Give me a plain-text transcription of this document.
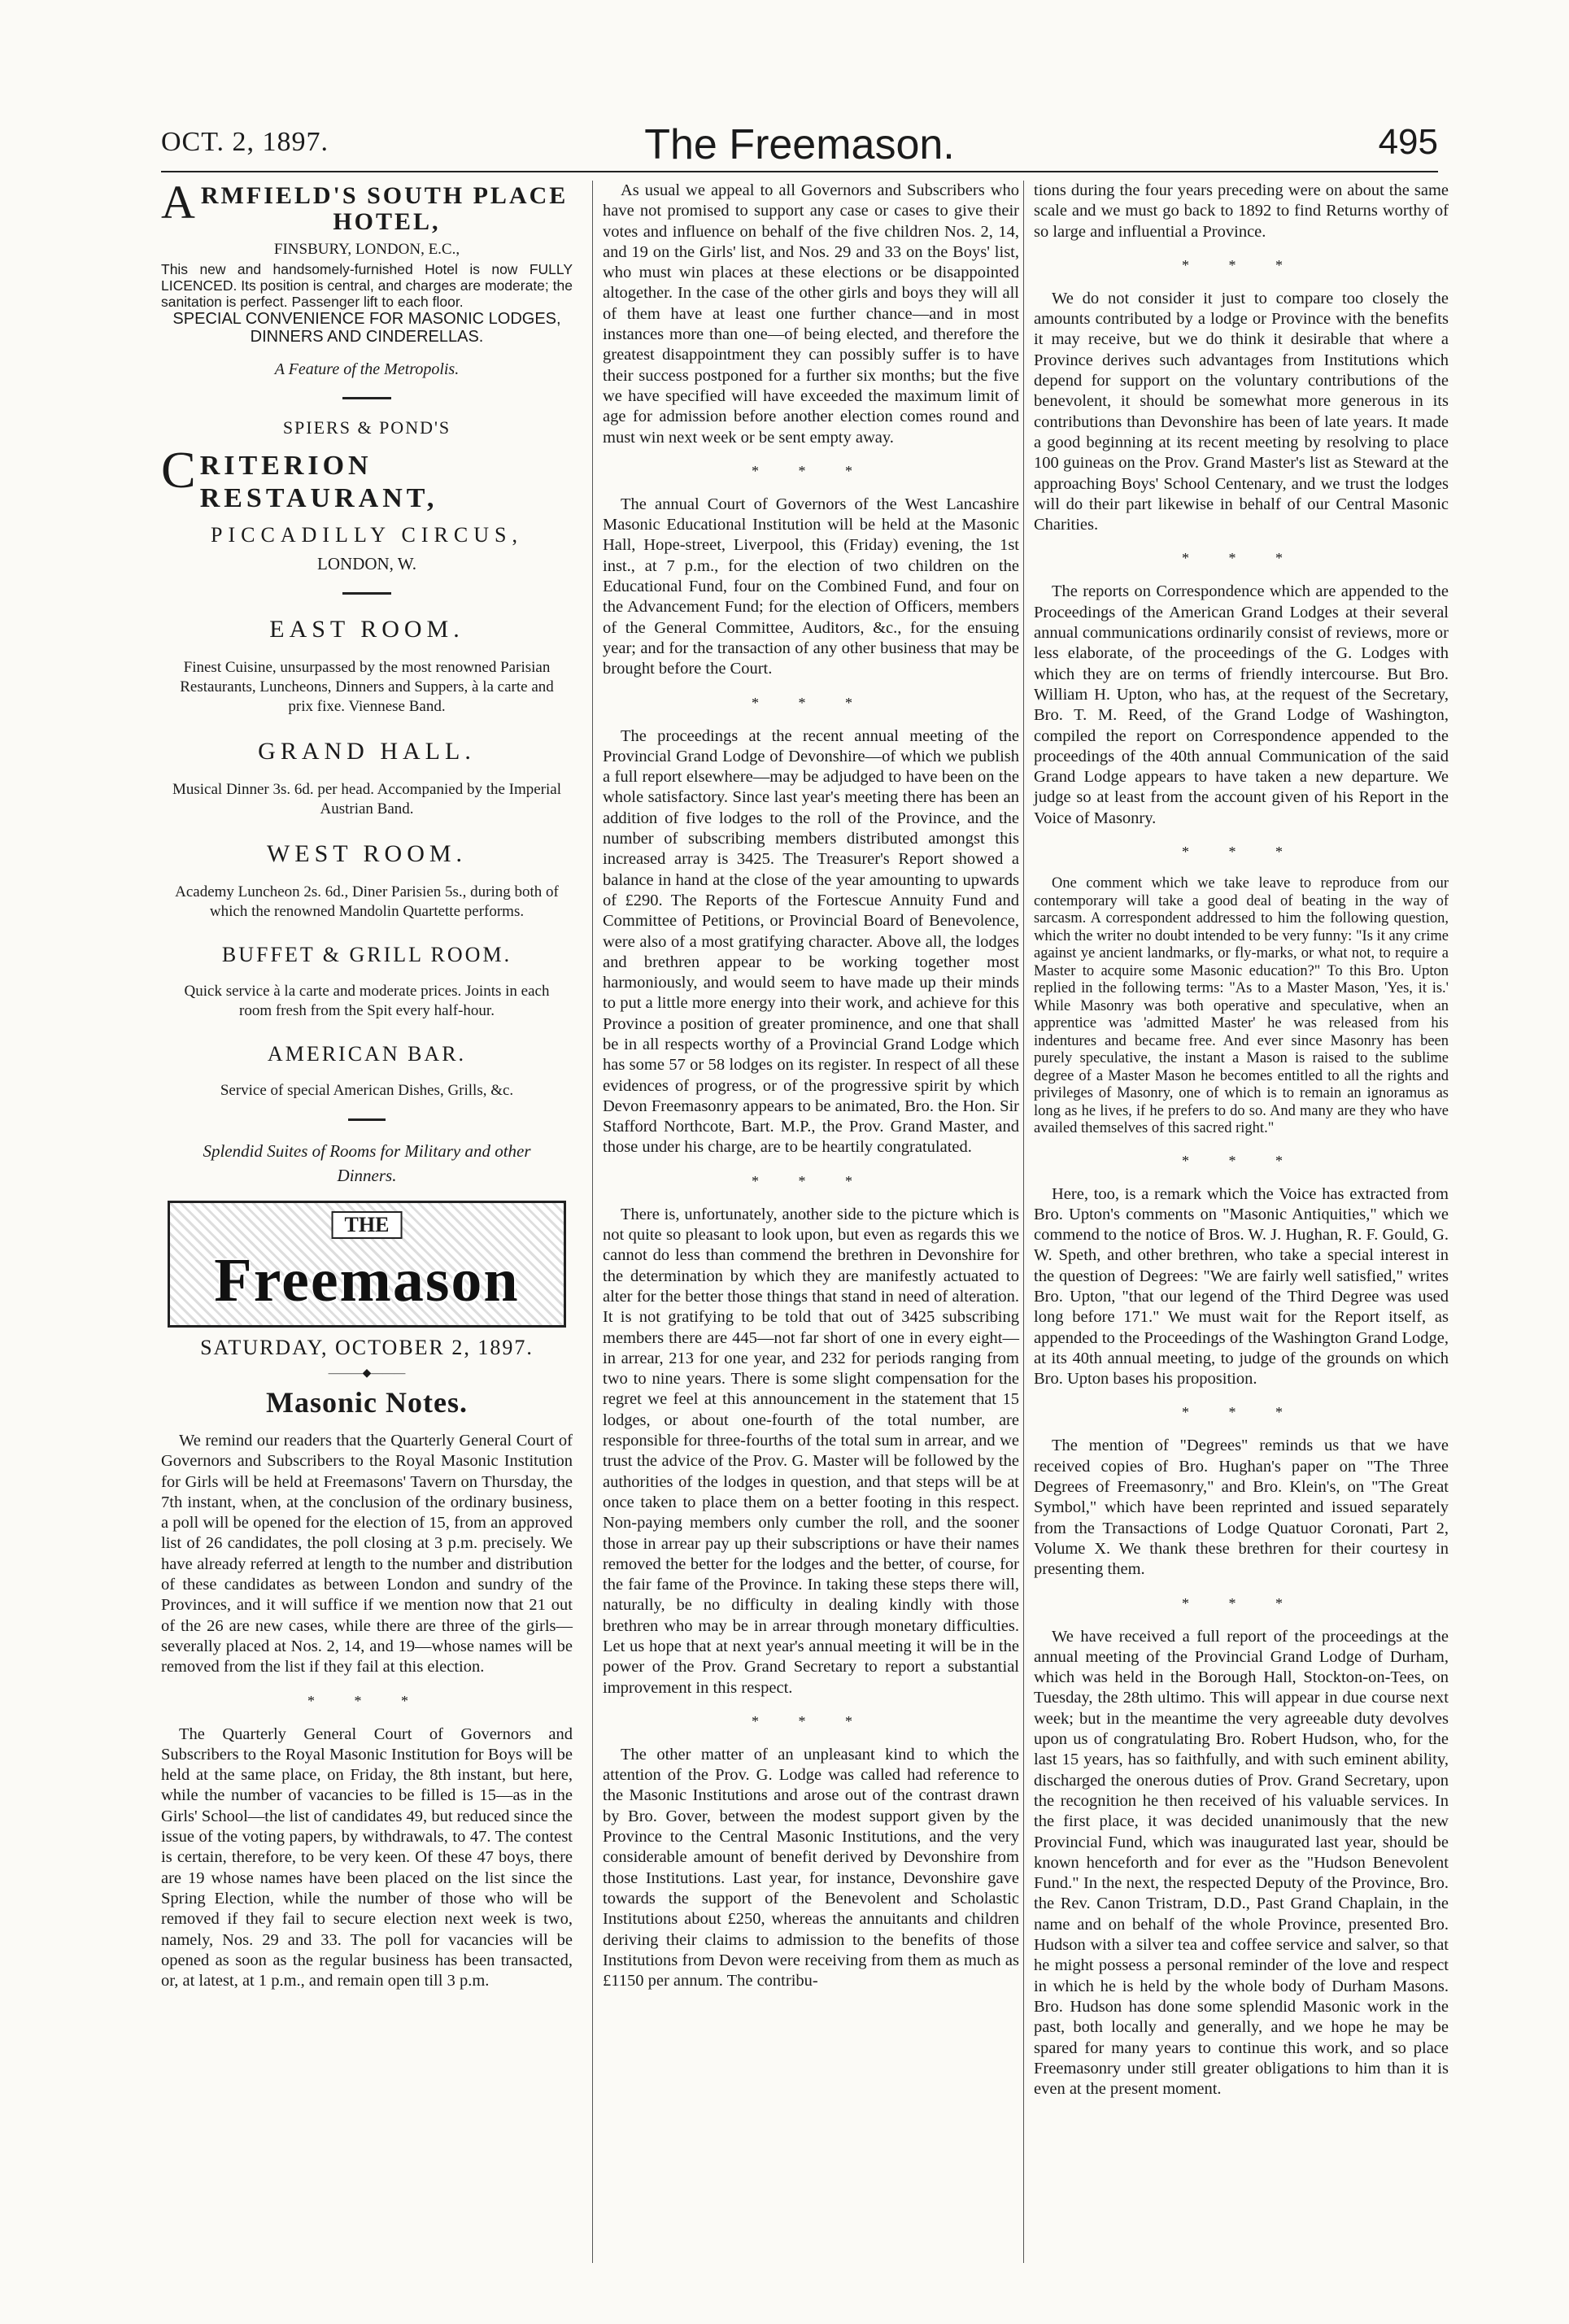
OCT. 2, 1897.	The Freemason.	495
A RMFIELD'S SOUTH PLACE
HOTEL,
FINSBURY, LONDON, E.C.,
This new and handsomely-furnished Hotel is now FULLY LICENCED. Its position is central, and charges are moderate; the sanitation is perfect. Passenger lift to each floor.
SPECIAL CONVENIENCE FOR MASONIC LODGES, DINNERS AND CINDERELLAS.
A Feature of the Metropolis.
SPIERS & POND'S
C RITERION RESTAURANT,
PICCADILLY CIRCUS,
LONDON, W.
EAST ROOM.
Finest Cuisine, unsurpassed by the most renowned Parisian Restaurants, Luncheons, Dinners and Suppers, à la carte and prix fixe. Viennese Band.
GRAND HALL.
Musical Dinner 3s. 6d. per head. Accompanied by the Imperial Austrian Band.
WEST ROOM.
Academy Luncheon 2s. 6d., Diner Parisien 5s., during both of which the renowned Mandolin Quartette performs.
BUFFET & GRILL ROOM.
Quick service à la carte and moderate prices. Joints in each room fresh from the Spit every half-hour.
AMERICAN BAR.
Service of special American Dishes, Grills, &c.
Splendid Suites of Rooms for Military and other Dinners.
THE
Freemason
SATURDAY, OCTOBER 2, 1897.
―――◆―――
Masonic Notes.

We remind our readers that the Quarterly General Court of Governors and Subscribers to the Royal Masonic Institution for Girls will be held at Freemasons' Tavern on Thursday, the 7th instant, when, at the conclusion of the ordinary business, a poll will be opened for the election of 15, from an approved list of 26 candidates, the poll closing at 3 p.m. precisely. We have already referred at length to the number and distribution of these candidates as between London and sundry of the Provinces, and it will suffice if we mention now that 21 out of the 26 are new cases, while there are three of the girls—severally placed at Nos. 2, 14, and 19—whose names will be removed from the list if they fail at this election.

* * *

The Quarterly General Court of Governors and Subscribers to the Royal Masonic Institution for Boys will be held at the same place, on Friday, the 8th instant, but here, while the number of vacancies to be filled is 15—as in the Girls' School—the list of candidates 49, but reduced since the issue of the voting papers, by withdrawals, to 47. The contest is certain, therefore, to be very keen. Of these 47 boys, there are 19 whose names have been placed on the list since the Spring Election, while the number of those who will be removed if they fail to secure election next week is two, namely, Nos. 29 and 33. The poll for vacancies will be opened as soon as the regular business has been transacted, or, at latest, at 1 p.m., and remain open till 3 p.m.

As usual we appeal to all Governors and Subscribers who have not promised to support any case or cases to give their votes and influence on behalf of the five children Nos. 2, 14, and 19 on the Girls' list, and Nos. 29 and 33 on the Boys' list, who must win places at these elections or be disappointed altogether. In the case of the other girls and boys they will all of them have at least one further chance—and in most instances more than one—of being elected, and therefore the greatest disappointment they can possibly suffer is to have their success postponed for a further six months; but the five we have specified will have exceeded the maximum limit of age for admission before another election comes round and must win next week or be sent empty away.

* * *

The annual Court of Governors of the West Lancashire Masonic Educational Institution will be held at the Masonic Hall, Hope-street, Liverpool, this (Friday) evening, the 1st inst., at 7 p.m., for the election of two children on the Educational Fund, four on the Combined Fund, and four on the Advancement Fund; for the election of Officers, members of the General Committee, Auditors, &c., for the ensuing year; and for the transaction of any other business that may be brought before the Court.

* * *

The proceedings at the recent annual meeting of the Provincial Grand Lodge of Devonshire—of which we publish a full report elsewhere—may be adjudged to have been on the whole satisfactory. Since last year's meeting there has been an addition of five lodges to the roll of the Province, and the number of subscribing members distributed amongst this increased array is 3425. The Treasurer's Report showed a balance in hand at the close of the year amounting to upwards of £290. The Reports of the Fortescue Annuity Fund and Committee of Petitions, or Provincial Board of Benevolence, were also of a most gratifying character. Above all, the lodges and brethren appear to be working together most harmoniously, and would seem to have made up their minds to put a little more energy into their work, and achieve for this Province a position of greater prominence, and one that shall be in all respects worthy of a Provincial Grand Lodge which has some 57 or 58 lodges on its register. In respect of all these evidences of progress, or of the progressive spirit by which Devon Freemasonry appears to be animated, Bro. the Hon. Sir Stafford Northcote, Bart. M.P., the Prov. Grand Master, and those under his charge, are to be heartily congratulated.

* * *

There is, unfortunately, another side to the picture which is not quite so pleasant to look upon, but even as regards this we cannot do less than commend the brethren in Devonshire for the determination by which they are manifestly actuated to alter for the better those things that stand in need of alteration. It is not gratifying to be told that out of 3425 subscribing members there are 445—not far short of one in every eight—in arrear, 213 for one year, and 232 for periods ranging from two to nine years. There is some slight compensation for the regret we feel at this announcement in the statement that 15 lodges, or about one-fourth of the total number, are responsible for three-fourths of the total sum in arrear, and we trust the advice of the Prov. G. Master will be followed by the authorities of the lodges in question, and that steps will be at once taken to place them on a better footing in this respect. Non-paying members only cumber the roll, and the sooner those in arrear pay up their subscriptions or have their names removed the better for the lodges and the better, of course, for the fair fame of the Province. In taking these steps there will, naturally, be no difficulty in dealing kindly with those brethren who may be in arrear through monetary difficulties. Let us hope that at next year's annual meeting it will be in the power of the Prov. Grand Secretary to report a substantial improvement in this respect.

* * *

The other matter of an unpleasant kind to which the attention of the Prov. G. Lodge was called had reference to the Masonic Institutions and arose out of the contrast drawn by Bro. Gover, between the modest support given by the Province to the Central Masonic Institutions, and the very considerable amount of benefit derived by Devonshire from those Institutions. Last year, for instance, Devonshire gave towards the support of the Benevolent and Scholastic Institutions about £250, whereas the annuitants and children deriving their claims to admission to the benefits of those Institutions from Devon were receiving from them as much as £1150 per annum. The contribu-

tions during the four years preceding were on about the same scale and we must go back to 1892 to find Returns worthy of so large and influential a Province.

* * *

We do not consider it just to compare too closely the amounts contributed by a lodge or Province with the benefits it may receive, but we do think it desirable that where a Province derives such advantages from Institutions which depend for support on the voluntary contributions of the benevolent, it should be somewhat more generous in its contributions than Devonshire has been of late years. It made a good beginning at its recent meeting by resolving to place 100 guineas on the Prov. Grand Master's list as Steward at the approaching Boys' School Centenary, and we trust the lodges will do their part likewise in behalf of our Central Masonic Charities.

* * *

The reports on Correspondence which are appended to the Proceedings of the American Grand Lodges at their several annual communications ordinarily consist of reviews, more or less elaborate, of the proceedings of the G. Lodges with which they are on terms of friendly intercourse. But Bro. William H. Upton, who has, at the request of the Secretary, Bro. T. M. Reed, of the Grand Lodge of Washington, compiled the report on Correspondence appended to the proceedings of the 40th annual Communication of the said Grand Lodge appears to have taken a new departure. We judge so at least from the account given of his Report in the Voice of Masonry.

* * *

One comment which we take leave to reproduce from our contemporary will take a good deal of beating in the way of sarcasm. A correspondent addressed to him the following question, which the writer no doubt intended to be very funny: "Is it any crime against ye ancient landmarks, or fly-marks, or what not, to require a Master to acquire some Masonic education?" To this Bro. Upton replied in the following terms: "As to a Master Mason, 'Yes, it is.' While Masonry was both operative and speculative, when an apprentice was 'admitted Master' he was released from his indentures and became free. And ever since Masonry has been purely speculative, the instant a Mason is raised to the sublime degree of a Master Mason he becomes entitled to all the rights and privileges of Masonry, one of which is to remain an ignoramus as long as he lives, if he prefers to do so. And many are they who have availed themselves of this sacred right."

* * *

Here, too, is a remark which the Voice has extracted from Bro. Upton's comments on "Masonic Antiquities," which we commend to the notice of Bros. W. J. Hughan, R. F. Gould, G. W. Speth, and other brethren, who take a special interest in the question of Degrees: "We are fairly well satisfied," writes Bro. Upton, "that our legend of the Third Degree was used long before 171." We must wait for the Report itself, as appended to the Proceedings of the Washington Grand Lodge, at its 40th annual meeting, to judge of the grounds on which Bro. Upton bases his proposition.

* * *

The mention of "Degrees" reminds us that we have received copies of Bro. Hughan's paper on "The Three Degrees of Freemasonry," and Bro. Klein's, on "The Great Symbol," which have been reprinted and issued separately from the Transactions of Lodge Quatuor Coronati, Part 2, Volume X. We thank these brethren for their courtesy in presenting them.

* * *

We have received a full report of the proceedings at the annual meeting of the Provincial Grand Lodge of Durham, which was held in the Borough Hall, Stockton-on-Tees, on Tuesday, the 28th ultimo. This will appear in due course next week; but in the meantime the very agreeable duty devolves upon us of congratulating Bro. Robert Hudson, who, for the last 15 years, has so faithfully, and with such eminent ability, discharged the onerous duties of Prov. Grand Secretary, upon the recognition he then received of his valuable services. In the first place, it was decided unanimously that the new Provincial Fund, which was inaugurated last year, should be known henceforth and for ever as the "Hudson Benevolent Fund." In the next, the respected Deputy of the Province, Bro. the Rev. Canon Tristram, D.D., Past Grand Chaplain, in the name and on behalf of the whole Province, presented Bro. Hudson with a silver tea and coffee service and salver, so that he might possess a personal reminder of the love and respect in which he is held by the whole body of Durham Masons. Bro. Hudson has done some splendid Masonic work in the past, both locally and generally, and we hope he may be spared for many years to continue this work, and so place Freemasonry under still greater obligations to him than it is even at the present moment.
